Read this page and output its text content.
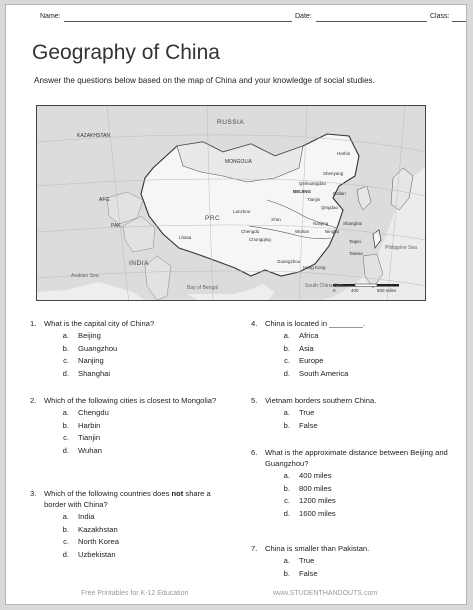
Name:	Date:	Class:
Geography of China
Answer the questions below based on the map of China and your knowledge of social studies.
RUSSIA
KAZAKHSTAN
MONGOLIA
AFG.
PAK.
INDIA
Arabian Sea
Bay of Bengal
PRC
Harbin
Shenyang
Qinhuangdao
BEIJING
Tianjin
Dalian
Qingdao
Lanzhou
Xi'an
Nanjing	Shanghai
Wuhan	Ningbo
Chengdu
Chongqing
Lhasa
Taipei
Taiwan
Guangzhou
Hong Kong
South China Sea
Philippine Sea
0	400	800 miles
1. What is the capital city of China?
a. Beijing
b. Guangzhou
c. Nanjing
d. Shanghai
2. Which of the following cities is closest to Mongolia?
a. Chengdu
b. Harbin
c. Tianjin
d. Wuhan
3. Which of the following countries does not share a border with China?
a. India
b. Kazakhstan
c. North Korea
d. Uzbekistan
4. China is located in ________.
a. Africa
b. Asia
c. Europe
d. South America
5. Vietnam borders southern China.
a. True
b. False
6. What is the approximate distance between Beijing and Guangzhou?
a. 400 miles
b. 800 miles
c. 1200 miles
d. 1600 miles
7. China is smaller than Pakistan.
a. True
b. False
Free Printables for K-12 Education	www.STUDENTHANDOUTS.com
